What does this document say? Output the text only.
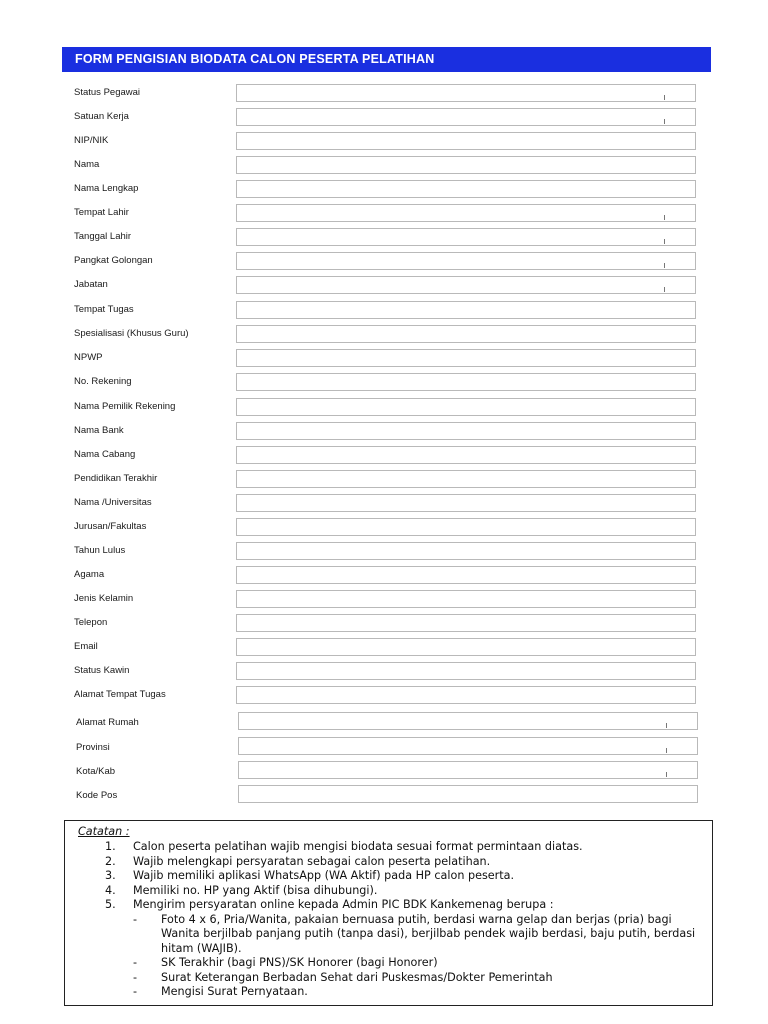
FORM PENGISIAN BIODATA CALON PESERTA PELATIHAN
Status Pegawai
Satuan Kerja
NIP/NIK
Nama
Nama Lengkap
Tempat Lahir
Tanggal Lahir
Pangkat Golongan
Jabatan
Tempat Tugas
Spesialisasi (Khusus Guru)
NPWP
No. Rekening
Nama Pemilik Rekening
Nama Bank
Nama Cabang
Pendidikan Terakhir
Nama /Universitas
Jurusan/Fakultas
Tahun Lulus
Agama
Jenis Kelamin
Telepon
Email
Status Kawin
Alamat Tempat Tugas
Alamat Rumah
Provinsi
Kota/Kab
Kode Pos
Catatan :
1.	Calon peserta pelatihan wajib mengisi biodata sesuai format permintaan diatas.
2.	Wajib melengkapi persyaratan sebagai calon peserta pelatihan.
3.	Wajib memiliki aplikasi WhatsApp (WA Aktif) pada HP calon peserta.
4.	Memiliki no. HP yang Aktif (bisa dihubungi).
5.	Mengirim persyaratan online kepada Admin PIC BDK Kankemenag berupa :
- Foto 4 x 6, Pria/Wanita, pakaian bernuasa putih, berdasi warna gelap dan berjas (pria) bagi Wanita berjilbab panjang putih (tanpa dasi), berjilbab pendek wajib berdasi, baju putih, berdasi hitam (WAJIB).
- SK Terakhir (bagi PNS)/SK Honorer (bagi Honorer)
- Surat Keterangan Berbadan Sehat dari Puskesmas/Dokter Pemerintah
- Mengisi Surat Pernyataan.
